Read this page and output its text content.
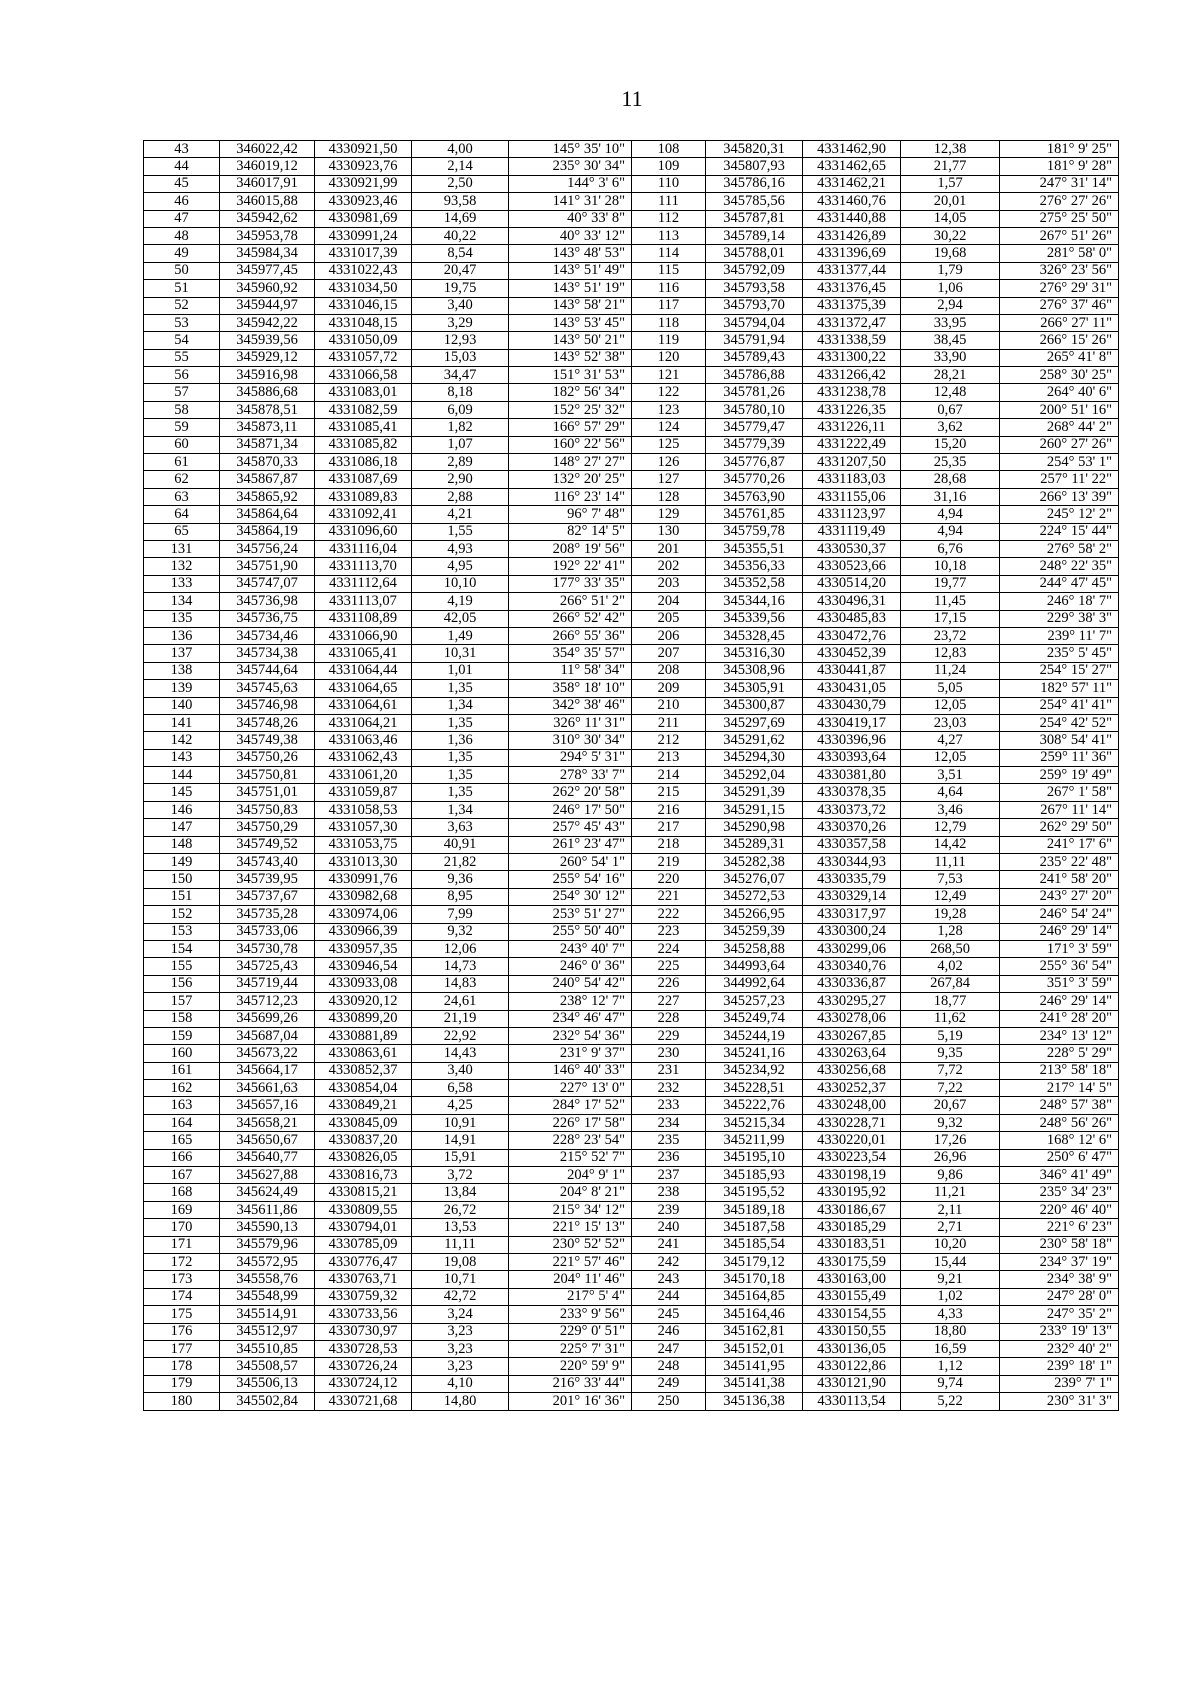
11
43	346022,42	4330921,50	4,00	145° 35' 10"	108	345820,31	4331462,90	12,38	181° 9' 25"
44	346019,12	4330923,76	2,14	235° 30' 34"	109	345807,93	4331462,65	21,77	181° 9' 28"
45	346017,91	4330921,99	2,50	144° 3' 6"	110	345786,16	4331462,21	1,57	247° 31' 14"
46	346015,88	4330923,46	93,58	141° 31' 28"	111	345785,56	4331460,76	20,01	276° 27' 26"
47	345942,62	4330981,69	14,69	40° 33' 8"	112	345787,81	4331440,88	14,05	275° 25' 50"
48	345953,78	4330991,24	40,22	40° 33' 12"	113	345789,14	4331426,89	30,22	267° 51' 26"
49	345984,34	4331017,39	8,54	143° 48' 53"	114	345788,01	4331396,69	19,68	281° 58' 0"
50	345977,45	4331022,43	20,47	143° 51' 49"	115	345792,09	4331377,44	1,79	326° 23' 56"
51	345960,92	4331034,50	19,75	143° 51' 19"	116	345793,58	4331376,45	1,06	276° 29' 31"
52	345944,97	4331046,15	3,40	143° 58' 21"	117	345793,70	4331375,39	2,94	276° 37' 46"
53	345942,22	4331048,15	3,29	143° 53' 45"	118	345794,04	4331372,47	33,95	266° 27' 11"
54	345939,56	4331050,09	12,93	143° 50' 21"	119	345791,94	4331338,59	38,45	266° 15' 26"
55	345929,12	4331057,72	15,03	143° 52' 38"	120	345789,43	4331300,22	33,90	265° 41' 8"
56	345916,98	4331066,58	34,47	151° 31' 53"	121	345786,88	4331266,42	28,21	258° 30' 25"
57	345886,68	4331083,01	8,18	182° 56' 34"	122	345781,26	4331238,78	12,48	264° 40' 6"
58	345878,51	4331082,59	6,09	152° 25' 32"	123	345780,10	4331226,35	0,67	200° 51' 16"
59	345873,11	4331085,41	1,82	166° 57' 29"	124	345779,47	4331226,11	3,62	268° 44' 2"
60	345871,34	4331085,82	1,07	160° 22' 56"	125	345779,39	4331222,49	15,20	260° 27' 26"
61	345870,33	4331086,18	2,89	148° 27' 27"	126	345776,87	4331207,50	25,35	254° 53' 1"
62	345867,87	4331087,69	2,90	132° 20' 25"	127	345770,26	4331183,03	28,68	257° 11' 22"
63	345865,92	4331089,83	2,88	116° 23' 14"	128	345763,90	4331155,06	31,16	266° 13' 39"
64	345864,64	4331092,41	4,21	96° 7' 48"	129	345761,85	4331123,97	4,94	245° 12' 2"
65	345864,19	4331096,60	1,55	82° 14' 5"	130	345759,78	4331119,49	4,94	224° 15' 44"
131	345756,24	4331116,04	4,93	208° 19' 56"	201	345355,51	4330530,37	6,76	276° 58' 2"
132	345751,90	4331113,70	4,95	192° 22' 41"	202	345356,33	4330523,66	10,18	248° 22' 35"
133	345747,07	4331112,64	10,10	177° 33' 35"	203	345352,58	4330514,20	19,77	244° 47' 45"
134	345736,98	4331113,07	4,19	266° 51' 2"	204	345344,16	4330496,31	11,45	246° 18' 7"
135	345736,75	4331108,89	42,05	266° 52' 42"	205	345339,56	4330485,83	17,15	229° 38' 3"
136	345734,46	4331066,90	1,49	266° 55' 36"	206	345328,45	4330472,76	23,72	239° 11' 7"
137	345734,38	4331065,41	10,31	354° 35' 57"	207	345316,30	4330452,39	12,83	235° 5' 45"
138	345744,64	4331064,44	1,01	11° 58' 34"	208	345308,96	4330441,87	11,24	254° 15' 27"
139	345745,63	4331064,65	1,35	358° 18' 10"	209	345305,91	4330431,05	5,05	182° 57' 11"
140	345746,98	4331064,61	1,34	342° 38' 46"	210	345300,87	4330430,79	12,05	254° 41' 41"
141	345748,26	4331064,21	1,35	326° 11' 31"	211	345297,69	4330419,17	23,03	254° 42' 52"
142	345749,38	4331063,46	1,36	310° 30' 34"	212	345291,62	4330396,96	4,27	308° 54' 41"
143	345750,26	4331062,43	1,35	294° 5' 31"	213	345294,30	4330393,64	12,05	259° 11' 36"
144	345750,81	4331061,20	1,35	278° 33' 7"	214	345292,04	4330381,80	3,51	259° 19' 49"
145	345751,01	4331059,87	1,35	262° 20' 58"	215	345291,39	4330378,35	4,64	267° 1' 58"
146	345750,83	4331058,53	1,34	246° 17' 50"	216	345291,15	4330373,72	3,46	267° 11' 14"
147	345750,29	4331057,30	3,63	257° 45' 43"	217	345290,98	4330370,26	12,79	262° 29' 50"
148	345749,52	4331053,75	40,91	261° 23' 47"	218	345289,31	4330357,58	14,42	241° 17' 6"
149	345743,40	4331013,30	21,82	260° 54' 1"	219	345282,38	4330344,93	11,11	235° 22' 48"
150	345739,95	4330991,76	9,36	255° 54' 16"	220	345276,07	4330335,79	7,53	241° 58' 20"
151	345737,67	4330982,68	8,95	254° 30' 12"	221	345272,53	4330329,14	12,49	243° 27' 20"
152	345735,28	4330974,06	7,99	253° 51' 27"	222	345266,95	4330317,97	19,28	246° 54' 24"
153	345733,06	4330966,39	9,32	255° 50' 40"	223	345259,39	4330300,24	1,28	246° 29' 14"
154	345730,78	4330957,35	12,06	243° 40' 7"	224	345258,88	4330299,06	268,50	171° 3' 59"
155	345725,43	4330946,54	14,73	246° 0' 36"	225	344993,64	4330340,76	4,02	255° 36' 54"
156	345719,44	4330933,08	14,83	240° 54' 42"	226	344992,64	4330336,87	267,84	351° 3' 59"
157	345712,23	4330920,12	24,61	238° 12' 7"	227	345257,23	4330295,27	18,77	246° 29' 14"
158	345699,26	4330899,20	21,19	234° 46' 47"	228	345249,74	4330278,06	11,62	241° 28' 20"
159	345687,04	4330881,89	22,92	232° 54' 36"	229	345244,19	4330267,85	5,19	234° 13' 12"
160	345673,22	4330863,61	14,43	231° 9' 37"	230	345241,16	4330263,64	9,35	228° 5' 29"
161	345664,17	4330852,37	3,40	146° 40' 33"	231	345234,92	4330256,68	7,72	213° 58' 18"
162	345661,63	4330854,04	6,58	227° 13' 0"	232	345228,51	4330252,37	7,22	217° 14' 5"
163	345657,16	4330849,21	4,25	284° 17' 52"	233	345222,76	4330248,00	20,67	248° 57' 38"
164	345658,21	4330845,09	10,91	226° 17' 58"	234	345215,34	4330228,71	9,32	248° 56' 26"
165	345650,67	4330837,20	14,91	228° 23' 54"	235	345211,99	4330220,01	17,26	168° 12' 6"
166	345640,77	4330826,05	15,91	215° 52' 7"	236	345195,10	4330223,54	26,96	250° 6' 47"
167	345627,88	4330816,73	3,72	204° 9' 1"	237	345185,93	4330198,19	9,86	346° 41' 49"
168	345624,49	4330815,21	13,84	204° 8' 21"	238	345195,52	4330195,92	11,21	235° 34' 23"
169	345611,86	4330809,55	26,72	215° 34' 12"	239	345189,18	4330186,67	2,11	220° 46' 40"
170	345590,13	4330794,01	13,53	221° 15' 13"	240	345187,58	4330185,29	2,71	221° 6' 23"
171	345579,96	4330785,09	11,11	230° 52' 52"	241	345185,54	4330183,51	10,20	230° 58' 18"
172	345572,95	4330776,47	19,08	221° 57' 46"	242	345179,12	4330175,59	15,44	234° 37' 19"
173	345558,76	4330763,71	10,71	204° 11' 46"	243	345170,18	4330163,00	9,21	234° 38' 9"
174	345548,99	4330759,32	42,72	217° 5' 4"	244	345164,85	4330155,49	1,02	247° 28' 0"
175	345514,91	4330733,56	3,24	233° 9' 56"	245	345164,46	4330154,55	4,33	247° 35' 2"
176	345512,97	4330730,97	3,23	229° 0' 51"	246	345162,81	4330150,55	18,80	233° 19' 13"
177	345510,85	4330728,53	3,23	225° 7' 31"	247	345152,01	4330136,05	16,59	232° 40' 2"
178	345508,57	4330726,24	3,23	220° 59' 9"	248	345141,95	4330122,86	1,12	239° 18' 1"
179	345506,13	4330724,12	4,10	216° 33' 44"	249	345141,38	4330121,90	9,74	239° 7' 1"
180	345502,84	4330721,68	14,80	201° 16' 36"	250	345136,38	4330113,54	5,22	230° 31' 3"
